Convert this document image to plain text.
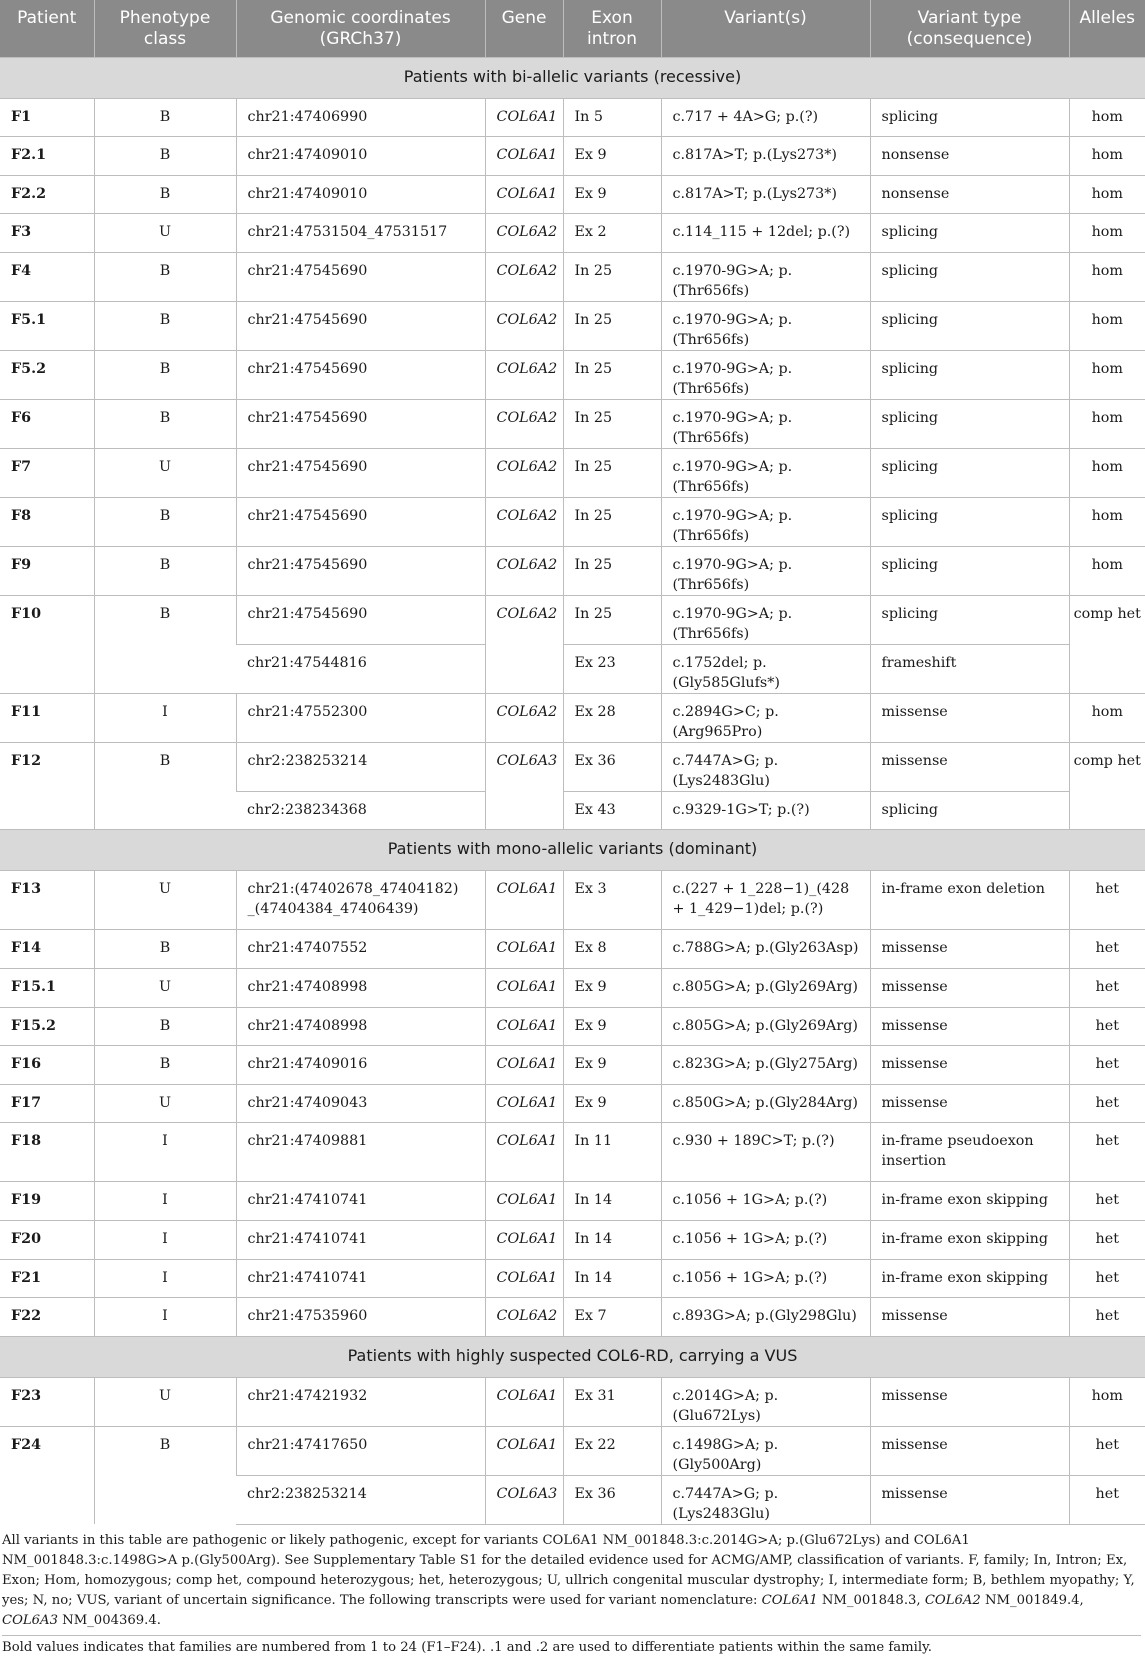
Patient	Phenotype class	Genomic coordinates (GRCh37)	Gene	Exon intron	Variant(s)	Variant type (consequence)	Alleles
Patients with bi-allelic variants (recessive)							
F1	B	chr21:47406990	COL6A1	In 5	c.717 + 4A>G; p.(?)	splicing	hom
F2.1	B	chr21:47409010	COL6A1	Ex 9	c.817A>T; p.(Lys273*)	nonsense	hom
F2.2	B	chr21:47409010	COL6A1	Ex 9	c.817A>T; p.(Lys273*)	nonsense	hom
F3	U	chr21:47531504_47531517	COL6A2	Ex 2	c.114_115 + 12del; p.(?)	splicing	hom
F4	B	chr21:47545690	COL6A2	In 25	c.1970-9G>A; p.(Thr656fs)	splicing	hom
F5.1	B	chr21:47545690	COL6A2	In 25	c.1970-9G>A; p.(Thr656fs)	splicing	hom
F5.2	B	chr21:47545690	COL6A2	In 25	c.1970-9G>A; p.(Thr656fs)	splicing	hom
F6	B	chr21:47545690	COL6A2	In 25	c.1970-9G>A; p.(Thr656fs)	splicing	hom
F7	U	chr21:47545690	COL6A2	In 25	c.1970-9G>A; p.(Thr656fs)	splicing	hom
F8	B	chr21:47545690	COL6A2	In 25	c.1970-9G>A; p.(Thr656fs)	splicing	hom
F9	B	chr21:47545690	COL6A2	In 25	c.1970-9G>A; p.(Thr656fs)	splicing	hom
F10	B	chr21:47545690	COL6A2	In 25	c.1970-9G>A; p.(Thr656fs)	splicing	comp het
		chr21:47544816		Ex 23	c.1752del; p.(Gly585Glufs*)	frameshift	
F11	I	chr21:47552300	COL6A2	Ex 28	c.2894G>C; p.(Arg965Pro)	missense	hom
F12	B	chr2:238253214	COL6A3	Ex 36	c.7447A>G; p.(Lys2483Glu)	missense	comp het
		chr2:238234368		Ex 43	c.9329-1G>T; p.(?)	splicing	
Patients with mono-allelic variants (dominant)							
F13	U	chr21:(47402678_47404182) _(47404384_47406439)	COL6A1	Ex 3	c.(227 + 1_228−1)_(428 + 1_429−1)del; p.(?)	in-frame exon deletion	het
F14	B	chr21:47407552	COL6A1	Ex 8	c.788G>A; p.(Gly263Asp)	missense	het
F15.1	U	chr21:47408998	COL6A1	Ex 9	c.805G>A; p.(Gly269Arg)	missense	het
F15.2	B	chr21:47408998	COL6A1	Ex 9	c.805G>A; p.(Gly269Arg)	missense	het
F16	B	chr21:47409016	COL6A1	Ex 9	c.823G>A; p.(Gly275Arg)	missense	het
F17	U	chr21:47409043	COL6A1	Ex 9	c.850G>A; p.(Gly284Arg)	missense	het
F18	I	chr21:47409881	COL6A1	In 11	c.930 + 189C>T; p.(?)	in-frame pseudoexon insertion	het
F19	I	chr21:47410741	COL6A1	In 14	c.1056 + 1G>A; p.(?)	in-frame exon skipping	het
F20	I	chr21:47410741	COL6A1	In 14	c.1056 + 1G>A; p.(?)	in-frame exon skipping	het
F21	I	chr21:47410741	COL6A1	In 14	c.1056 + 1G>A; p.(?)	in-frame exon skipping	het
F22	I	chr21:47535960	COL6A2	Ex 7	c.893G>A; p.(Gly298Glu)	missense	het
Patients with highly suspected COL6-RD, carrying a VUS							
F23	U	chr21:47421932	COL6A1	Ex 31	c.2014G>A; p.(Glu672Lys)	missense	hom
F24	B	chr21:47417650	COL6A1	Ex 22	c.1498G>A; p.(Gly500Arg)	missense	het
		chr2:238253214	COL6A3	Ex 36	c.7447A>G; p.(Lys2483Glu)	missense	het

All variants in this table are pathogenic or likely pathogenic, except for variants COL6A1 NM_001848.3:c.2014G>A; p.(Glu672Lys) and COL6A1 NM_001848.3:c.1498G>A p.(Gly500Arg). See Supplementary Table S1 for the detailed evidence used for ACMG/AMP, classification of variants. F, family; In, Intron; Ex, Exon; Hom, homozygous; comp het, compound heterozygous; het, heterozygous; U, ullrich congenital muscular dystrophy; I, intermediate form; B, bethlem myopathy; Y, yes; N, no; VUS, variant of uncertain significance. The following transcripts were used for variant nomenclature: COL6A1 NM_001848.3, COL6A2 NM_001849.4, COL6A3 NM_004369.4.

Bold values indicates that families are numbered from 1 to 24 (F1–F24). .1 and .2 are used to differentiate patients within the same family.
